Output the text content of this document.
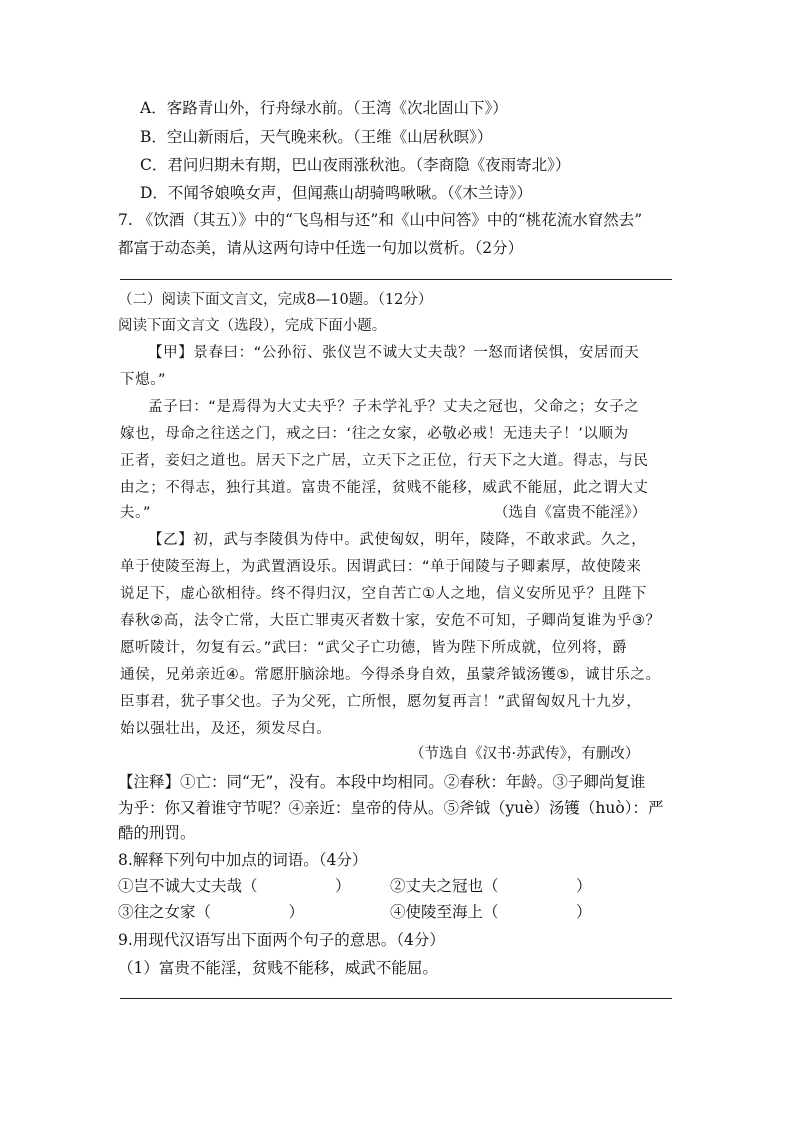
A．客路青山外，行舟绿水前。（王湾《次北固山下》）
B．空山新雨后，天气晚来秋。（王维《山居秋暝》）
C．君问归期未有期，巴山夜雨涨秋池。（李商隐《夜雨寄北》）
D．不闻爷娘唤女声，但闻燕山胡骑鸣啾啾。（《木兰诗》）
7. 《饮酒（其五）》中的“飞鸟相与还”和《山中问答》中的“桃花流水窅然去”
都富于动态美，请从这两句诗中任选一句加以赏析。（2分）
（二）阅读下面文言文，完成8—10题。（12分）
阅读下面文言文（选段），完成下面小题。
【甲】景春曰：“公孙衍、张仪岂不诚大丈夫哉？一怒而诸侯惧，安居而天
下熄。”
孟子曰：“是焉得为大丈夫乎？子未学礼乎？丈夫之冠也，父命之；女子之
嫁也，母命之往送之门，戒之曰：‘往之女家，必敬必戒！无违夫子！’以顺为
正者，妾妇之道也。居天下之广居，立天下之正位，行天下之大道。得志，与民
由之；不得志，独行其道。富贵不能淫，贫贱不能移，威武不能屈，此之谓大丈
夫。”	（选自《富贵不能淫》）
【乙】初，武与李陵俱为侍中。武使匈奴，明年，陵降，不敢求武。久之，
单于使陵至海上，为武置酒设乐。因谓武曰：“单于闻陵与子卿素厚，故使陵来
说足下，虚心欲相待。终不得归汉，空自苦亡①人之地，信义安所见乎？且陛下
春秋②高，法令亡常，大臣亡罪夷灭者数十家，安危不可知，子卿尚复谁为乎③？
愿听陵计，勿复有云。”武曰：“武父子亡功德，皆为陛下所成就，位列将，爵
通侯，兄弟亲近④。常愿肝脑涂地。今得杀身自效，虽蒙斧钺汤镬⑤，诚甘乐之。
臣事君，犹子事父也。子为父死，亡所恨，愿勿复再言！”武留匈奴凡十九岁，
始以强壮出，及还，须发尽白。
（节选自《汉书·苏武传》，有删改）
【注释】①亡：同“无”，没有。本段中均相同。②春秋：年龄。③子卿尚复谁
为乎：你又着谁守节呢？④亲近：皇帝的侍从。⑤斧钺（yuè）汤镬（huò）：严
酷的刑罚。
8.解释下列句中加点的词语。（4分）
①岂不诚大丈夫哉（　　　　　）	②丈夫之冠也（　　　　　）
③往之女家（　　　　　）	④使陵至海上（　　　　　）
9.用现代汉语写出下面两个句子的意思。（4分）
（1）富贵不能淫，贫贱不能移，威武不能屈。
